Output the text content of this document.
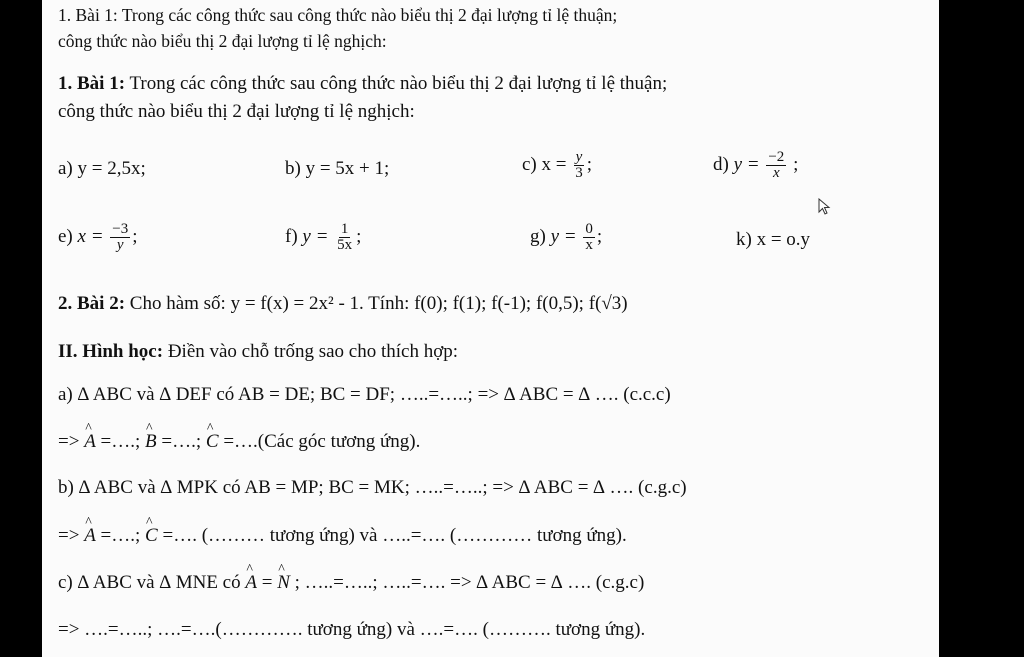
1. Bài 1: Trong các công thức sau công thức nào biểu thị 2 đại lượng tỉ lệ thuận;
công thức nào biểu thị 2 đại lượng tỉ lệ nghịch:
1. Bài 1: Trong các công thức sau công thức nào biểu thị 2 đại lượng tỉ lệ thuận;
công thức nào biểu thị 2 đại lượng tỉ lệ nghịch:
a) y = 2,5x;	b) y = 5x + 1;	c) $x = \frac{y}{3}$ ;	d) $y = \frac{-2}{x}$ ;
e) $x = \frac{-3}{y}$ ;	f) $y = \frac{1}{5x}$ ;	g) $y = \frac{0}{x}$ ;	k) x = o.y
2. Bài 2: Cho hàm số: y = f(x) = 2x² - 1. Tính: f(0); f(1); f(-1); f(0,5); f(√3)
II. Hình học: Điền vào chỗ trống sao cho thích hợp:
a) ∆ ABC và ∆ DEF có AB = DE; BC = DF; …..=…..; => ∆ ABC = ∆ …. (c.c.c)
=> ^ A =….; ^ B =….; ^ C =….(Các góc tương ứng).
b) ∆ ABC và ∆ MPK có AB = MP; BC = MK; …..=…..; => ∆ ABC = ∆ …. (c.g.c)
=> ^ A =….; ^ C =…. (……… tương ứng) và …..=…. (………… tương ứng).
c) ∆ ABC và ∆ MNE có ^ A = ^ N ; …..=…..; …..=…. => ∆ ABC = ∆ …. (c.g.c)
=> ….=…..; ….=….(…………. tương ứng) và ….=…. (………. tương ứng).
